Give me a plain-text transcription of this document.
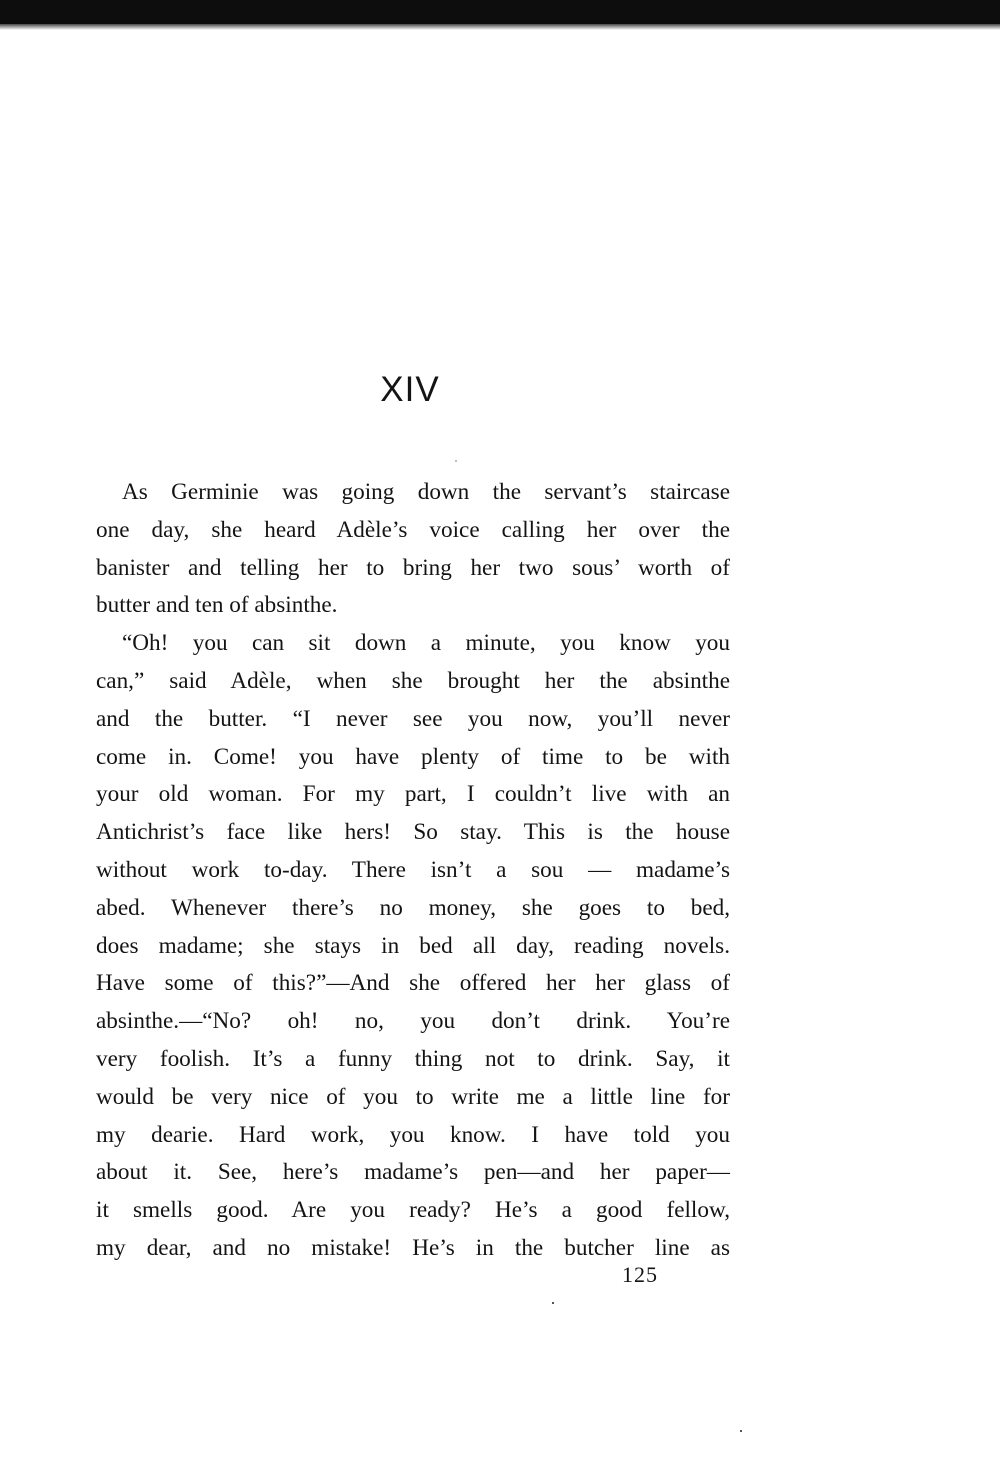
XIV

As Germinie was going down the servant’s staircase
one day, she heard Adèle’s voice calling her over the
banister and telling her to bring her two sous’ worth of
butter and ten of absinthe.

“Oh! you can sit down a minute, you know you
can,” said Adèle, when she brought her the absinthe
and the butter. “I never see you now, you’ll never
come in. Come! you have plenty of time to be with
your old woman. For my part, I couldn’t live with an
Antichrist’s face like hers! So stay. This is the house
without work to-day. There isn’t a sou — madame’s
abed. Whenever there’s no money, she goes to bed,
does madame; she stays in bed all day, reading novels.
Have some of this?”—And she offered her her glass of
absinthe.—“No? oh! no, you don’t drink. You’re
very foolish. It’s a funny thing not to drink. Say, it
would be very nice of you to write me a little line for
my dearie. Hard work, you know. I have told you
about it. See, here’s madame’s pen—and her paper—
it smells good. Are you ready? He’s a good fellow,
my dear, and no mistake! He’s in the butcher line as

125
